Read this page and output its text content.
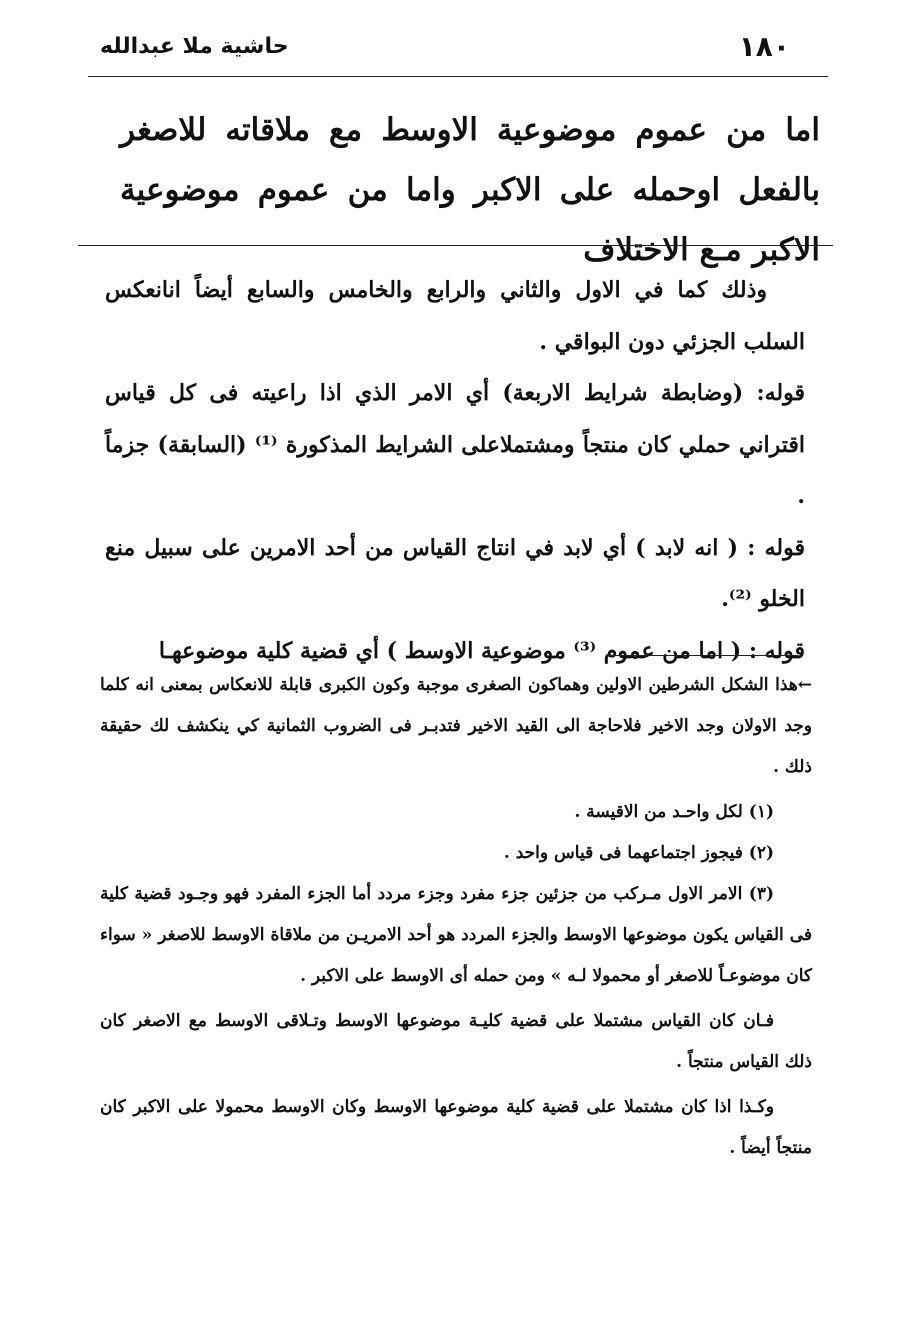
١٨٠
حاشية ملا عبدالله
اما من عموم موضوعية الاوسط مع ملاقاته للاصغر بالفعل اوحمله على الاكبر واما من عموم موضوعية الاكبر مـع الاختلاف

وذلك كما في الاول والثاني والرابع والخامس والسابع أيضاً انانعكس السلب الجزئي دون البواقي .

قوله: (وضابطة شرايط الاربعة) أي الامر الذي اذا راعيته فى كل قياس اقتراني حملي كان منتجاً ومشتملاعلى الشرايط المذكورة ⁽¹⁾ (السابقة) جزماً .

قوله : ( انه لابد ) أي لابد في انتاج القياس من أحد الامرين على سبيل منع الخلو ⁽²⁾.

قوله : ( اما من عموم ⁽³⁾ موضوعية الاوسط ) أي قضية كلية موضوعهـا

←هذا الشكل الشرطين الاولين وهماكون الصغرى موجبة وكون الكبرى قابلة للانعكاس بمعنى انه كلما وجد الاولان وجد الاخير فلاحاجة الى القيد الاخير فتدبـر فى الضروب الثمانية كي ينكشف لك حقيقة ذلك .

(١) لكل واحـد من الاقيسة .

(٢) فيجوز اجتماعهما فى قياس واحد .

(٣) الامر الاول مـركب من جزئين جزء مفرد وجزء مردد أما الجزء المفرد فهو وجـود قضية كلية فى القياس يكون موضوعها الاوسط والجزء المردد هو أحد الامريـن من ملاقاة الاوسط للاصغر « سواء كان موضوعـاً للاصغر أو محمولا لـه » ومن حمله أى الاوسط على الاكبر .

فـان كان القياس مشتملا على قضية كليـة موضوعها الاوسط وتـلاقى الاوسط مع الاصغر كان ذلك القياس منتجاً .

وكـذا اذا كان مشتملا على قضية كلية موضوعها الاوسط وكان الاوسط محمولا على الاكبر كان منتجاً أيضاً .
